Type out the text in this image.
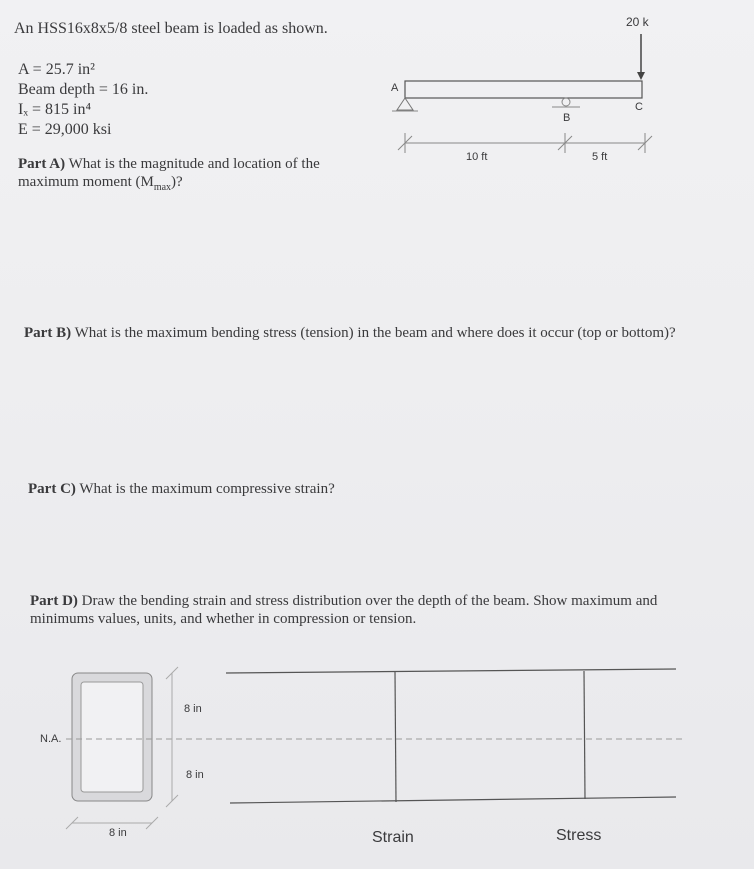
An HSS16x8x5/8 steel beam is loaded as shown.
A = 25.7 in²
Beam depth = 16 in.
Iₓ = 815 in⁴
E = 29,000 ksi
Part A) What is the magnitude and location of the maximum moment $(M_{max})$?
20 k
A
B
C
10 ft	5 ft
Part B) What is the maximum bending stress (tension) in the beam and where does it occur (top or bottom)?
Part C) What is the maximum compressive strain?
Part D) Draw the bending strain and stress distribution over the depth of the beam. Show maximum and minimums values, units, and whether in compression or tension.
N.A.
8 in
8 in
8 in	Strain	Stress
